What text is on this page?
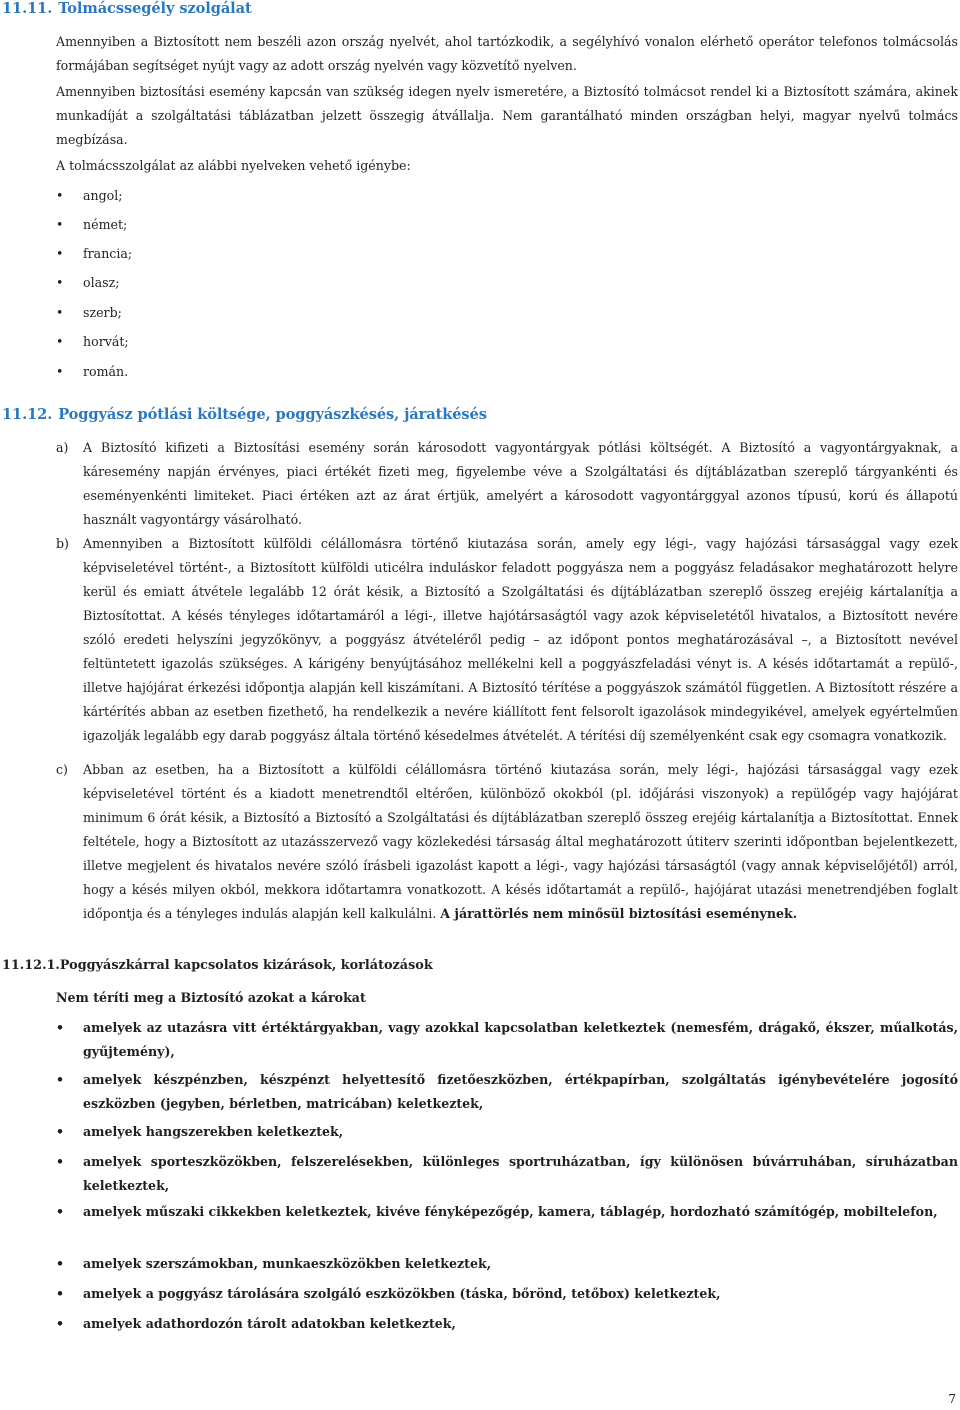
11.11. Tolmácssegély szolgálat

Amennyiben a Biztosított nem beszéli azon ország nyelvét, ahol tartózkodik, a segélyhívó vonalon elérhető operátor telefonos tolmácsolás formájában segítséget nyújt vagy az adott ország nyelvén vagy közvetítő nyelven.

Amennyiben biztosítási esemény kapcsán van szükség idegen nyelv ismeretére, a Biztosító tolmácsot rendel ki a Biztosított számára, akinek munkadíját a szolgáltatási táblázatban jelzett összegig átvállalja. Nem garantálható minden országban helyi, magyar nyelvű tolmács megbízása.

A tolmácsszolgálat az alábbi nyelveken vehető igénybe:

• angol;
• német;
• francia;
• olasz;
• szerb;
• horvát;
• román.
11.12. Poggyász pótlási költsége, poggyászkésés, járatkésés
a) A Biztosító kifizeti a Biztosítási esemény során károsodott vagyontárgyak pótlási költségét. A Biztosító a vagyontárgyaknak, a káresemény napján érvényes, piaci értékét fizeti meg, figyelembe véve a Szolgáltatási és díjtáblázatban szereplő tárgyankénti és eseményenkénti limiteket. Piaci értéken azt az árat értjük, amelyért a károsodott vagyontárggyal azonos típusú, korú és állapotú használt vagyontárgy vásárolható.
b) Amennyiben a Biztosított külföldi célállomásra történő kiutazása során, amely egy légi-, vagy hajózási társasággal vagy ezek képviseletével történt-, a Biztosított külföldi uticélra induláskor feladott poggyásza nem a poggyász feladásakor meghatározott helyre kerül és emiatt átvétele legalább 12 órát késik, a Biztosító a Szolgáltatási és díjtáblázatban szereplő összeg erejéig kártalanítja a Biztosítottat. A késés tényleges időtartamáról a légi-, illetve hajótársaságtól vagy azok képviseletétől hivatalos, a Biztosított nevére szóló eredeti helyszíni jegyzőkönyv, a poggyász átvételéről pedig – az időpont pontos meghatározásával –, a Biztosított nevével feltüntetett igazolás szükséges. A kárigény benyújtásához mellékelni kell a poggyászfeladási vényt is. A késés időtartamát a repülő-, illetve hajójárat érkezési időpontja alapján kell kiszámítani. A Biztosító térítése a poggyászok számától független. A Biztosított részére a kártérítés abban az esetben fizethető, ha rendelkezik a nevére kiállított fent felsorolt igazolások mindegyikével, amelyek egyértelműen igazolják legalább egy darab poggyász általa történő késedelmes átvételét. A térítési díj személyenként csak egy csomagra vonatkozik.
c) Abban az esetben, ha a Biztosított a külföldi célállomásra történő kiutazása során, mely légi-, hajózási társasággal vagy ezek képviseletével történt és a kiadott menetrendtől eltérően, különböző okokból (pl. időjárási viszonyok) a repülőgép vagy hajójárat minimum 6 órát késik, a Biztosító a Biztosító a Szolgáltatási és díjtáblázatban szereplő összeg erejéig kártalanítja a Biztosítottat. Ennek feltétele, hogy a Biztosított az utazásszervező vagy közlekedési társaság által meghatározott útiterv szerinti időpontban bejelentkezett, illetve megjelent és hivatalos nevére szóló írásbeli igazolást kapott a légi-, vagy hajózási társaságtól (vagy annak képviselőjétől) arról, hogy a késés milyen okból, mekkora időtartamra vonatkozott. A késés időtartamát a repülő-, hajójárat utazási menetrendjében foglalt időpontja és a tényleges indulás alapján kell kalkulálni. A járattörlés nem minősül biztosítási eseménynek.
11.12.1.Poggyászkárral kapcsolatos kizárások, korlátozások

Nem téríti meg a Biztosító azokat a károkat

• amelyek az utazásra vitt értéktárgyakban, vagy azokkal kapcsolatban keletkeztek (nemesfém, drágakő, ékszer, műalkotás, gyűjtemény),
• amelyek készpénzben, készpénzt helyettesítő fizetőeszközben, értékpapírban, szolgáltatás igénybevételére jogosító eszközben (jegyben, bérletben, matricában) keletkeztek,
• amelyek hangszerekben keletkeztek,
• amelyek sporteszközökben, felszerelésekben, különleges sportruházatban, így különösen búvárruhában, síruházatban keletkeztek,
• amelyek műszaki cikkekben keletkeztek, kivéve fényképezőgép, kamera, táblagép, hordozható számítógép, mobiltelefon,
• amelyek szerszámokban, munkaeszközökben keletkeztek,
• amelyek a poggyász tárolására szolgáló eszközökben (táska, bőrönd, tetőbox) keletkeztek,
• amelyek adathordozón tárolt adatokban keletkeztek,
7
